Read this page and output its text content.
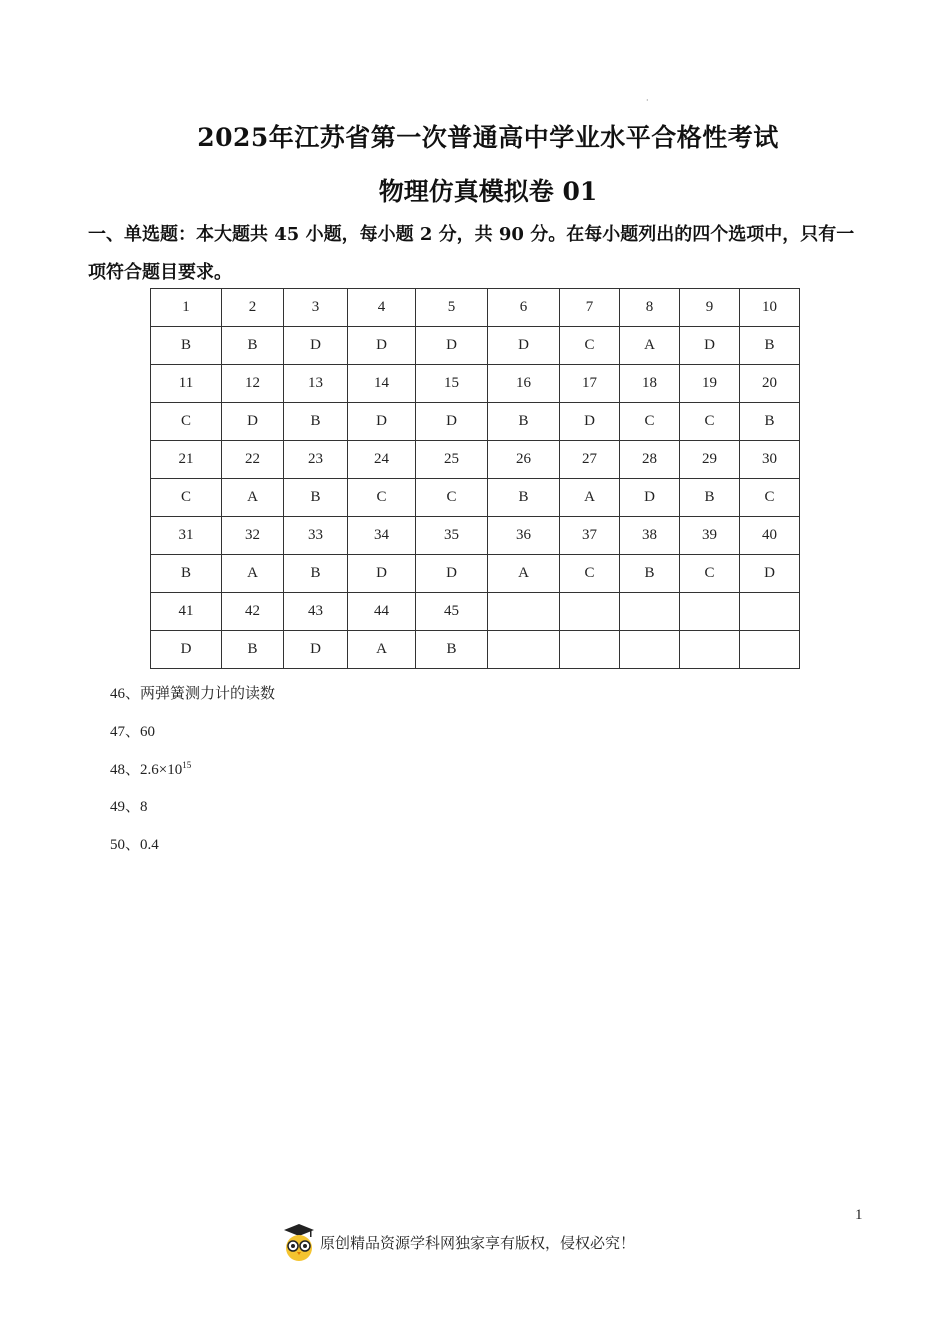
·
2025年江苏省第一次普通高中学业水平合格性考试
物理仿真模拟卷 01
一、单选题：本大题共 45 小题，每小题 2 分，共 90 分。在每小题列出的四个选项中，只有一项符合题目要求。
1	2	3	4	5	6	7	8	9	10
B	B	D	D	D	D	C	A	D	B
11	12	13	14	15	16	17	18	19	20
C	D	B	D	D	B	D	C	C	B
21	22	23	24	25	26	27	28	29	30
C	A	B	C	C	B	A	D	B	C
31	32	33	34	35	36	37	38	39	40
B	A	B	D	D	A	C	B	C	D
41	42	43	44	45					
D	B	D	A	B					
46、两弹簧测力计的读数
47、60
48、$2.6\times 10^{15}$
49、8
50、0.4
1
原创精品资源学科网独家享有版权，侵权必究！
